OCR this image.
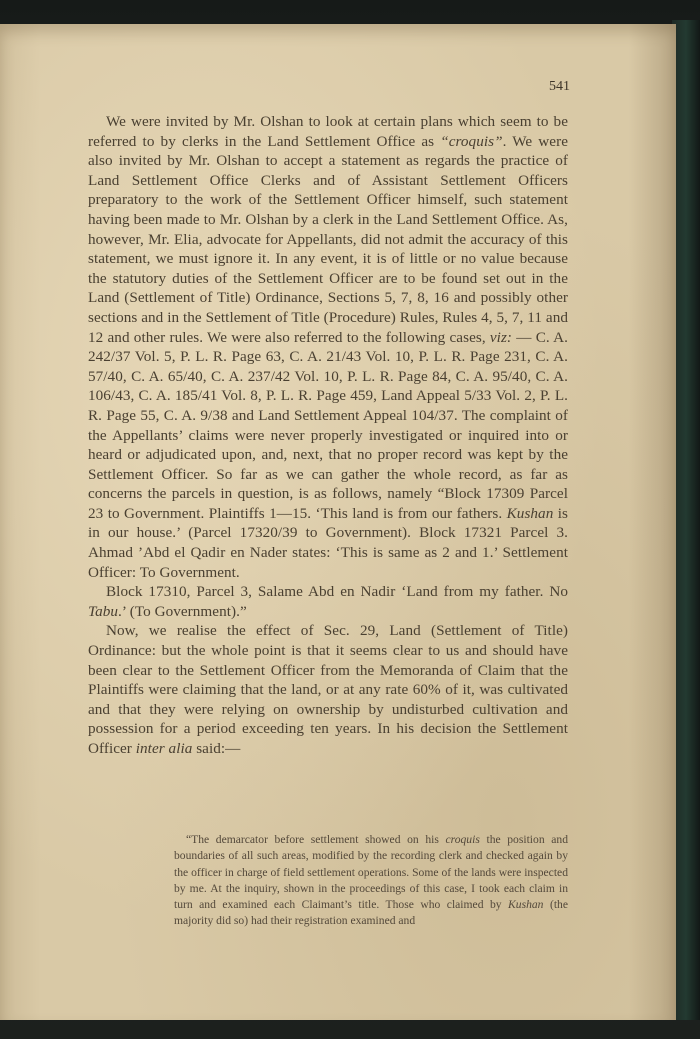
541

We were invited by Mr. Olshan to look at certain plans which seem to be referred to by clerks in the Land Settlement Office as “croquis”. We were also invited by Mr. Olshan to accept a statement as regards the practice of Land Settlement Office Clerks and of Assistant Settlement Officers preparatory to the work of the Settlement Officer himself, such statement having been made to Mr. Olshan by a clerk in the Land Settlement Office. As, however, Mr. Elia, advocate for Appellants, did not admit the accuracy of this statement, we must ignore it. In any event, it is of little or no value because the statutory duties of the Settlement Officer are to be found set out in the Land (Settlement of Title) Ordinance, Sections 5, 7, 8, 16 and possibly other sections and in the Settlement of Title (Procedure) Rules, Rules 4, 5, 7, 11 and 12 and other rules. We were also referred to the following cases, viz: — C. A. 242/37 Vol. 5, P. L. R. Page 63, C. A. 21/43 Vol. 10, P. L. R. Page 231, C. A. 57/40, C. A. 65/40, C. A. 237/42 Vol. 10, P. L. R. Page 84, C. A. 95/40, C. A. 106/43, C. A. 185/41 Vol. 8, P. L. R. Page 459, Land Appeal 5/33 Vol. 2, P. L. R. Page 55, C. A. 9/38 and Land Settlement Appeal 104/37. The complaint of the Appellants’ claims were never properly investigated or inquired into or heard or adjudicated upon, and, next, that no proper record was kept by the Settlement Officer. So far as we can gather the whole record, as far as concerns the parcels in question, is as follows, namely “Block 17309 Parcel 23 to Government. Plaintiffs 1—15. ‘This land is from our fathers. Kushan is in our house.’ (Parcel 17320/39 to Government). Block 17321 Parcel 3. Ahmad ’Abd el Qadir en Nader states: ‘This is same as 2 and 1.’ Settlement Officer: To Government.

Block 17310, Parcel 3, Salame Abd en Nadir ‘Land from my father. No Tabu.’ (To Government).”

Now, we realise the effect of Sec. 29, Land (Settlement of Title) Ordinance: but the whole point is that it seems clear to us and should have been clear to the Settlement Officer from the Memoranda of Claim that the Plaintiffs were claiming that the land, or at any rate 60% of it, was cultivated and that they were relying on ownership by undisturbed cultivation and possession for a period exceeding ten years. In his decision the Settlement Officer inter alia said:—

“The demarcator before settlement showed on his croquis the position and boundaries of all such areas, modified by the recording clerk and checked again by the officer in charge of field settlement operations. Some of the lands were inspected by me. At the inquiry, shown in the proceedings of this case, I took each claim in turn and examined each Claimant’s title. Those who claimed by Kushan (the majority did so) had their registration examined and
